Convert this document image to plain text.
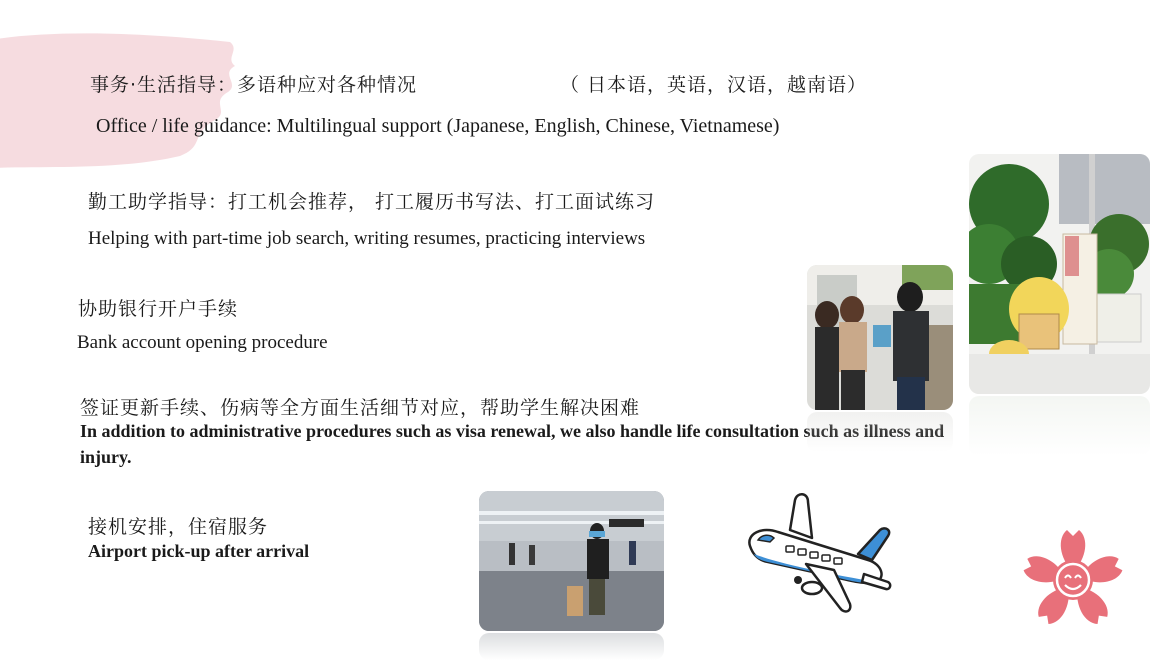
事务·生活指导：多语种应对各种情况	（ 日本语，英语，汉语，越南语）
Office / life guidance: Multilingual support (Japanese, English, Chinese, Vietnamese)
勤工助学指导：打工机会推荐， 打工履历书写法、打工面试练习
Helping with part-time job search, writing resumes, practicing interviews
协助银行开户手续
Bank account opening procedure
签证更新手续、伤病等全方面生活细节对应，帮助学生解决困难
In addition to administrative procedures such as visa renewal, we also handle life consultation such as illness and injury.
接机安排，住宿服务
Airport pick-up after arrival
